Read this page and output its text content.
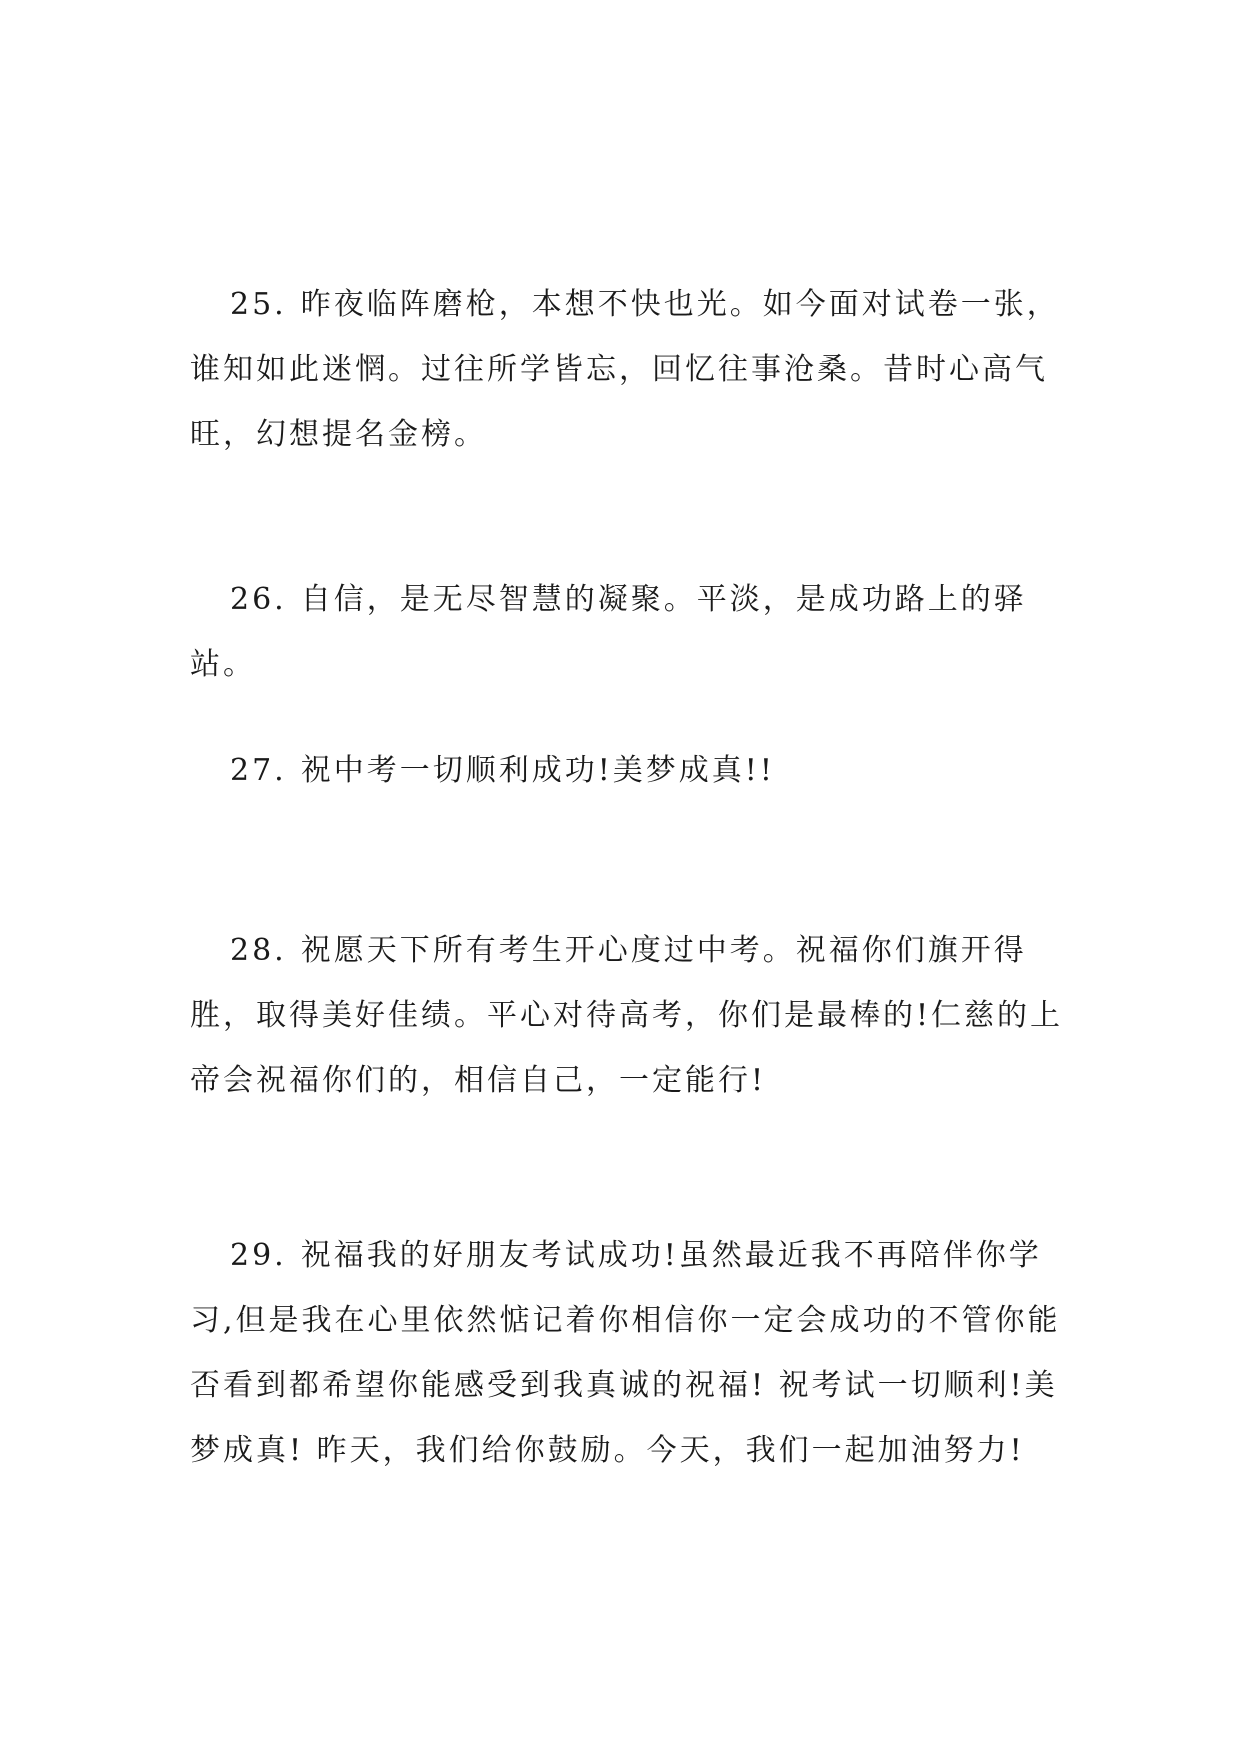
25. 昨夜临阵磨枪，本想不快也光。如今面对试卷一张，谁知如此迷惘。过往所学皆忘，回忆往事沧桑。昔时心高气旺，幻想提名金榜。

26. 自信，是无尽智慧的凝聚。平淡，是成功路上的驿站。

27. 祝中考一切顺利成功!美梦成真!!

28. 祝愿天下所有考生开心度过中考。祝福你们旗开得胜，取得美好佳绩。平心对待高考，你们是最棒的!仁慈的上帝会祝福你们的，相信自己，一定能行!

29. 祝福我的好朋友考试成功!虽然最近我不再陪伴你学习,但是我在心里依然惦记着你相信你一定会成功的不管你能否看到都希望你能感受到我真诚的祝福! 祝考试一切顺利!美梦成真! 昨天，我们给你鼓励。今天，我们一起加油努力!
